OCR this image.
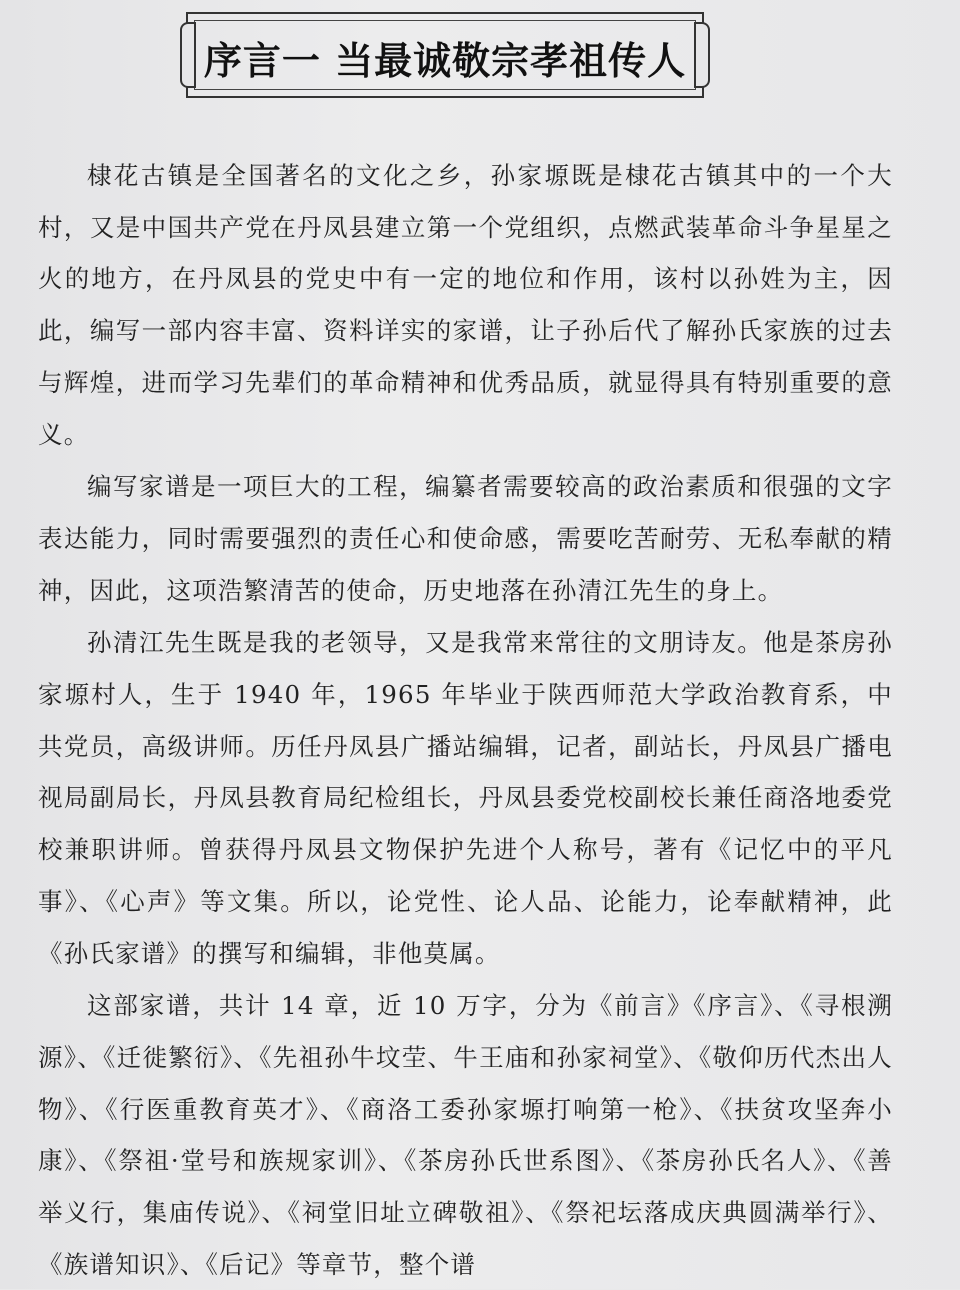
序言一 当最诚敬宗孝祖传人

棣花古镇是全国著名的文化之乡，孙家塬既是棣花古镇其中的一个大村，又是中国共产党在丹凤县建立第一个党组织，点燃武装革命斗争星星之火的地方，在丹凤县的党史中有一定的地位和作用，该村以孙姓为主，因此，编写一部内容丰富、资料详实的家谱，让子孙后代了解孙氏家族的过去与辉煌，进而学习先辈们的革命精神和优秀品质，就显得具有特别重要的意义。

编写家谱是一项巨大的工程，编纂者需要较高的政治素质和很强的文字表达能力，同时需要强烈的责任心和使命感，需要吃苦耐劳、无私奉献的精神，因此，这项浩繁清苦的使命，历史地落在孙清江先生的身上。

孙清江先生既是我的老领导，又是我常来常往的文朋诗友。他是茶房孙家塬村人，生于 1940 年，1965 年毕业于陕西师范大学政治教育系，中共党员，高级讲师。历任丹凤县广播站编辑，记者，副站长，丹凤县广播电视局副局长，丹凤县教育局纪检组长，丹凤县委党校副校长兼任商洛地委党校兼职讲师。曾获得丹凤县文物保护先进个人称号，著有《记忆中的平凡事》、《心声》等文集。所以，论党性、论人品、论能力，论奉献精神，此《孙氏家谱》的撰写和编辑，非他莫属。

这部家谱，共计 14 章，近 10 万字，分为《前言》《序言》、《寻根溯源》、《迁徙繁衍》、《先祖孙牛坟茔、牛王庙和孙家祠堂》、《敬仰历代杰出人物》、《行医重教育英才》、《商洛工委孙家塬打响第一枪》、《扶贫攻坚奔小康》、《祭祖·堂号和族规家训》、《茶房孙氏世系图》、《茶房孙氏名人》、《善举义行，集庙传说》、《祠堂旧址立碑敬祖》、《祭祀坛落成庆典圆满举行》、《族谱知识》、《后记》等章节，整个谱
